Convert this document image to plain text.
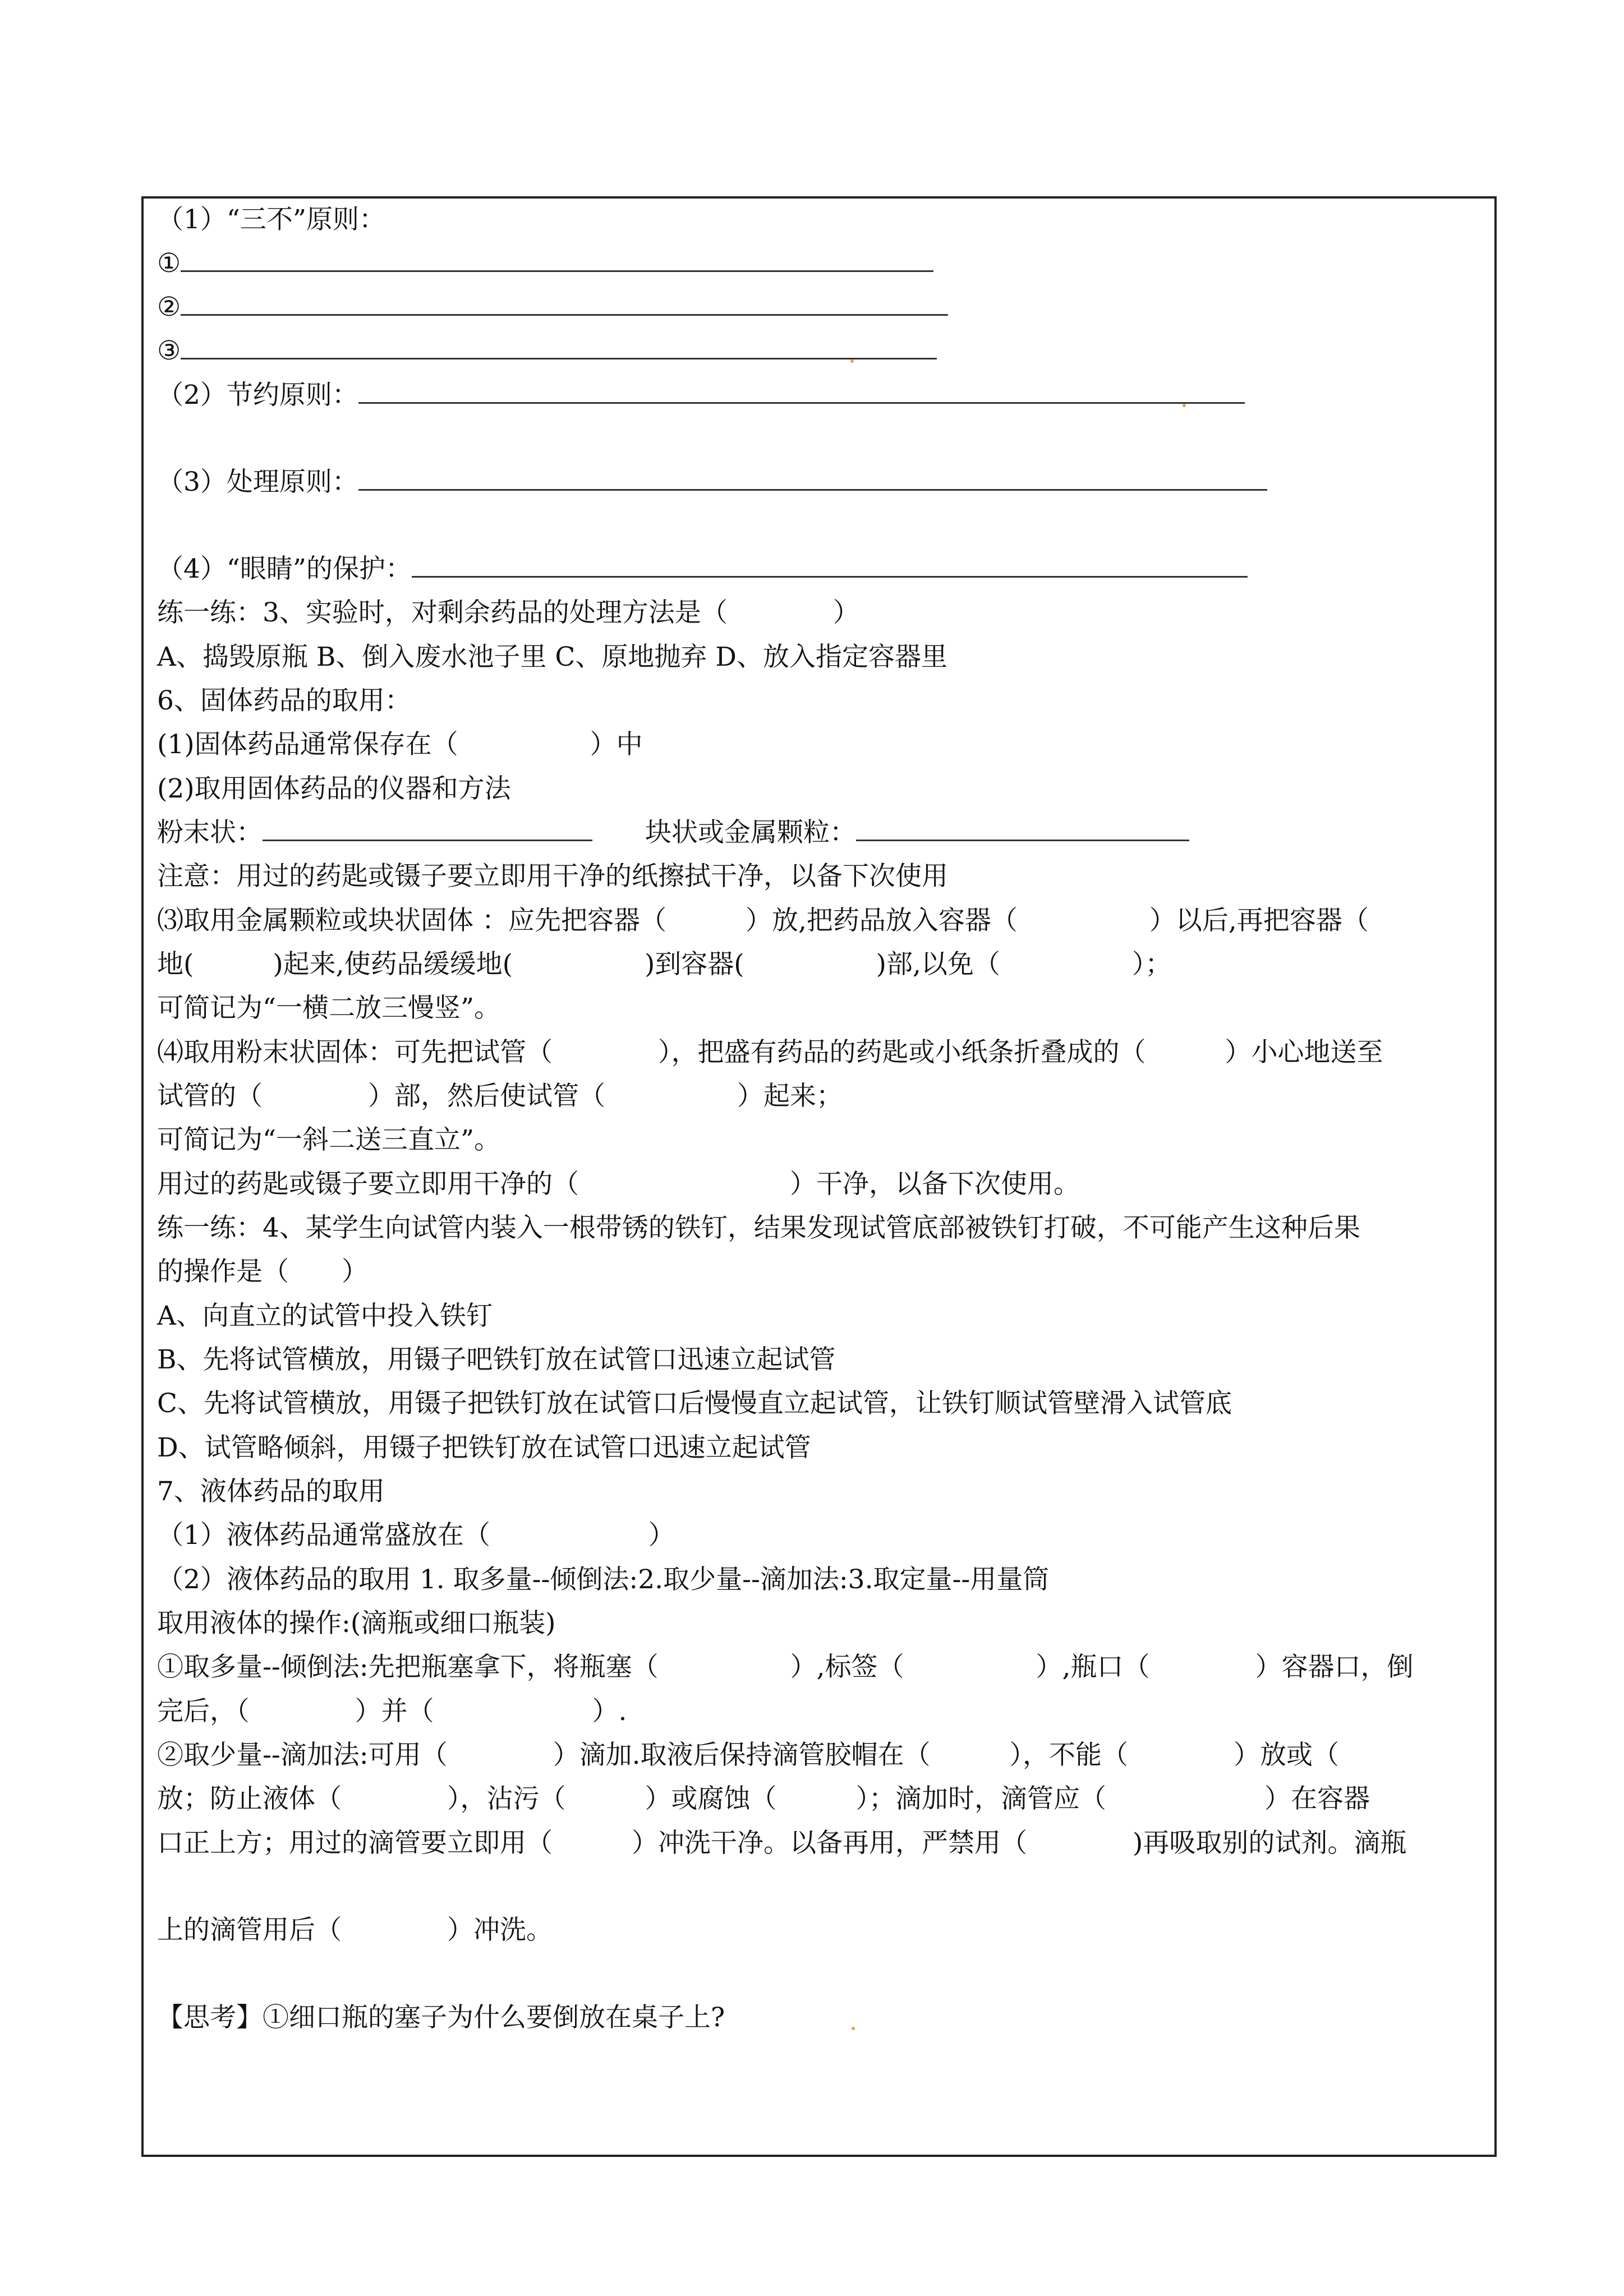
（1）“三不”原则：
①
②
③
（2）节约原则：
（3）处理原则：
（4）“眼睛”的保护：
练一练：3、实验时，对剩余药品的处理方法是（　　　　）
A、捣毁原瓶 B、倒入废水池子里 C、原地抛弃 D、放入指定容器里
6、固体药品的取用：
(1)固体药品通常保存在（　　　　　）中
(2)取用固体药品的仪器和方法
粉末状：　　	块状或金属颗粒：
注意：用过的药匙或镊子要立即用干净的纸擦拭干净，以备下次使用
⑶取用金属颗粒或块状固体 ：应先把容器（　　　）放,把药品放入容器（　　　　　）以后,再把容器（
地(　　　)起来,使药品缓缓地(　　　　　)到容器(　　　　　)部,以免（　　　　　）；
可简记为“一横二放三慢竖”。
⑷取用粉末状固体：可先把试管（　　　　），把盛有药品的药匙或小纸条折叠成的（　　　）小心地送至
试管的（　　　　）部，然后使试管（　　　　　）起来；
可简记为“一斜二送三直立”。
用过的药匙或镊子要立即用干净的（　　　　　　　　）干净，以备下次使用。
练一练：4、某学生向试管内装入一根带锈的铁钉，结果发现试管底部被铁钉打破，不可能产生这种后果
的操作是（　　）
A、向直立的试管中投入铁钉
B、先将试管横放，用镊子吧铁钉放在试管口迅速立起试管
C、先将试管横放，用镊子把铁钉放在试管口后慢慢直立起试管，让铁钉顺试管壁滑入试管底
D、试管略倾斜，用镊子把铁钉放在试管口迅速立起试管
7、液体药品的取用
（1）液体药品通常盛放在（　　　　　　）
（2）液体药品的取用 1. 取多量--倾倒法:2.取少量--滴加法:3.取定量--用量筒
取用液体的操作:(滴瓶或细口瓶装)
①取多量--倾倒法:先把瓶塞拿下，将瓶塞（　　　　　）,标签（　　　　　）,瓶口（　　　　）容器口，倒
完后，（　　　　）并（　　　　　　）.
②取少量--滴加法:可用（　　　　）滴加.取液后保持滴管胶帽在（　　　），不能（　　　　）放或（
放；防止液体（　　　　），沾污（　　　）或腐蚀（　　　）；滴加时，滴管应（　　　　　　）在容器
口正上方；用过的滴管要立即用（　　　）冲洗干净。以备再用，严禁用（　　　　)再吸取别的试剂。滴瓶
上的滴管用后（　　　　）冲洗。
【思考】①细口瓶的塞子为什么要倒放在桌子上?
